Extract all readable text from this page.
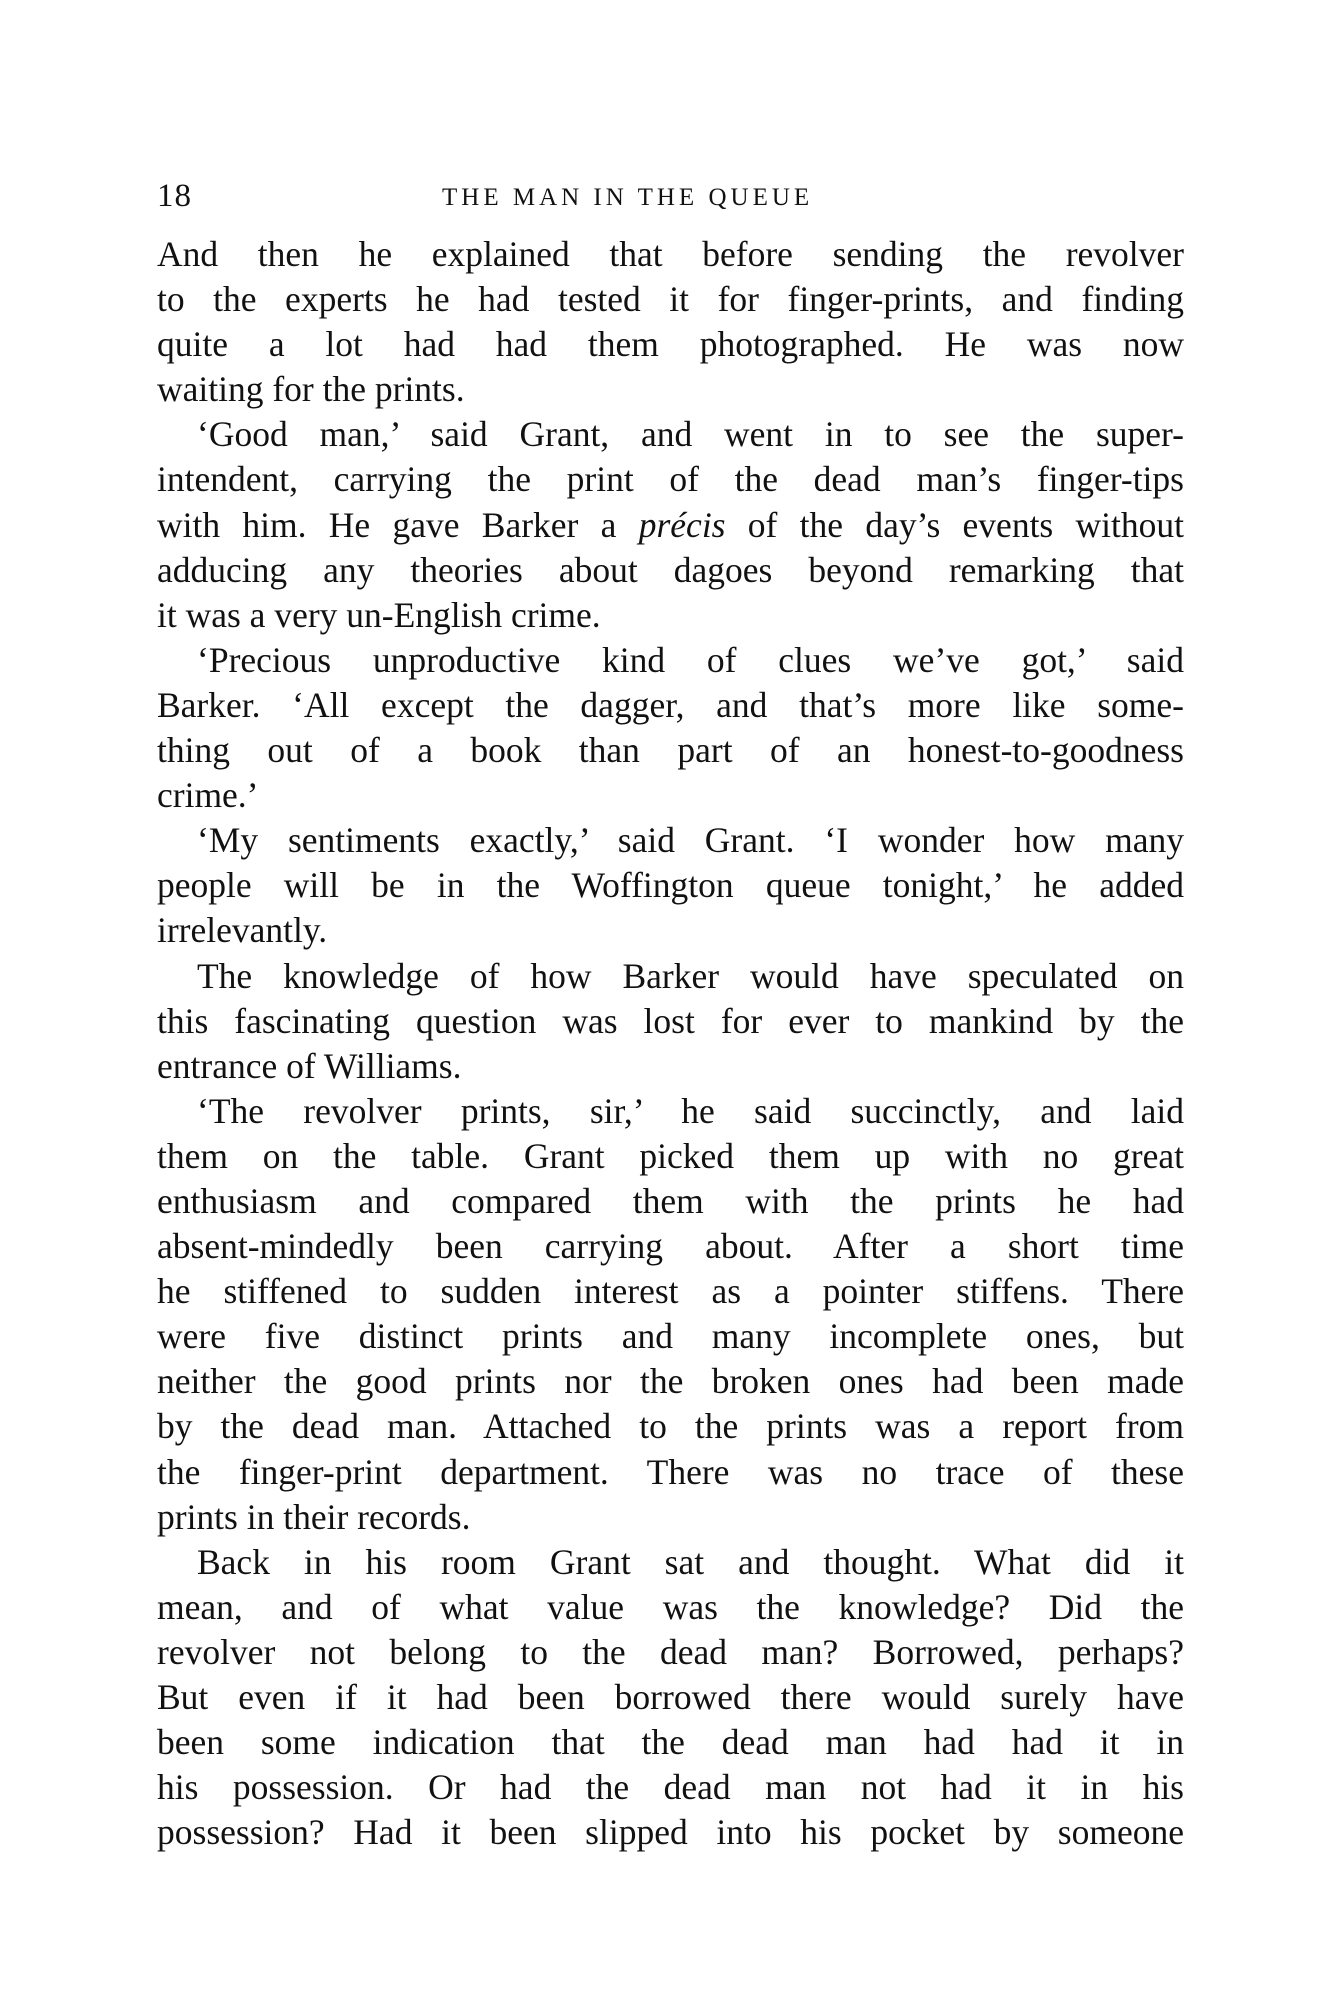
18	THE MAN IN THE QUEUE
And then he explained that before sending the revolver
to the experts he had tested it for finger-prints, and finding
quite a lot had had them photographed. He was now
waiting for the prints.
‘Good man,’ said Grant, and went in to see the super-
intendent, carrying the print of the dead man’s finger-tips
with him. He gave Barker a précis of the day’s events without
adducing any theories about dagoes beyond remarking that
it was a very un-English crime.
‘Precious unproductive kind of clues we’ve got,’ said
Barker. ‘All except the dagger, and that’s more like some-
thing out of a book than part of an honest-to-goodness
crime.’
‘My sentiments exactly,’ said Grant. ‘I wonder how many
people will be in the Woffington queue tonight,’ he added
irrelevantly.
The knowledge of how Barker would have speculated on
this fascinating question was lost for ever to mankind by the
entrance of Williams.
‘The revolver prints, sir,’ he said succinctly, and laid
them on the table. Grant picked them up with no great
enthusiasm and compared them with the prints he had
absent-mindedly been carrying about. After a short time
he stiffened to sudden interest as a pointer stiffens. There
were five distinct prints and many incomplete ones, but
neither the good prints nor the broken ones had been made
by the dead man. Attached to the prints was a report from
the finger-print department. There was no trace of these
prints in their records.
Back in his room Grant sat and thought. What did it
mean, and of what value was the knowledge? Did the
revolver not belong to the dead man? Borrowed, perhaps?
But even if it had been borrowed there would surely have
been some indication that the dead man had had it in
his possession. Or had the dead man not had it in his
possession? Had it been slipped into his pocket by someone
